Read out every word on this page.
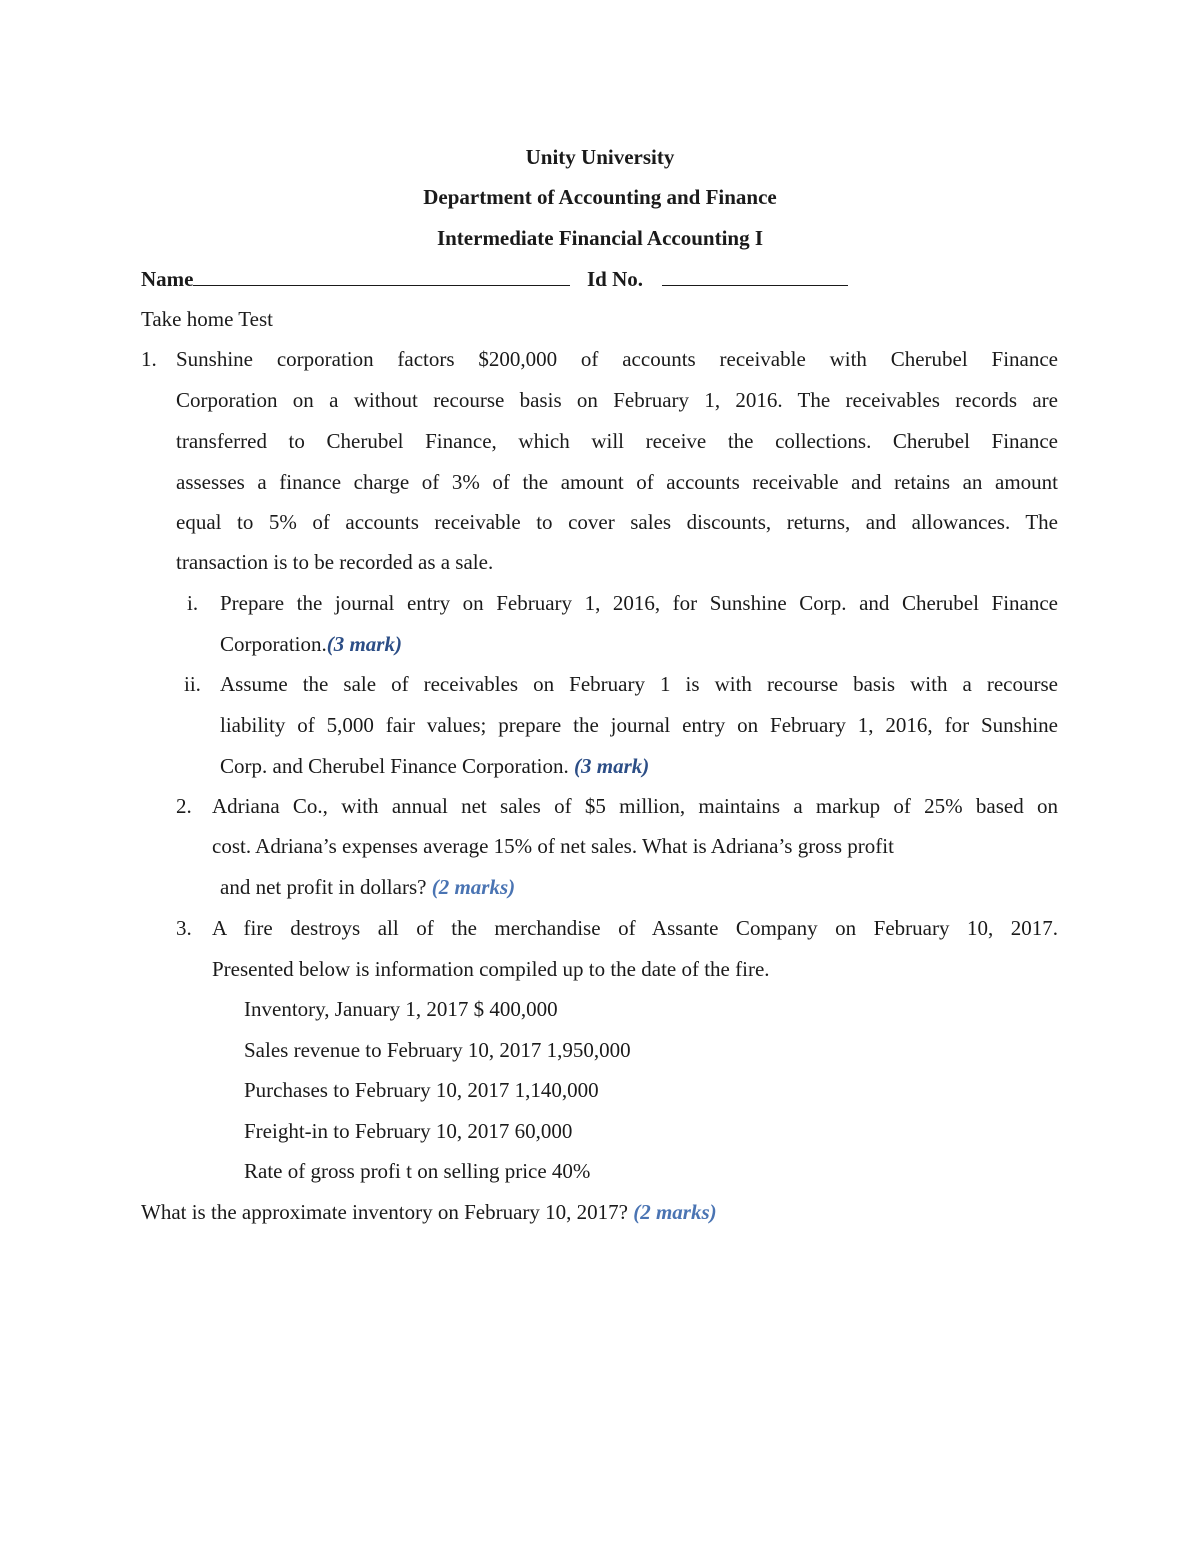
Unity University
Department of Accounting and Finance
Intermediate Financial Accounting I
Name	Id No.
Take home Test
1. Sunshine corporation factors $200,000 of accounts receivable with Cherubel Finance
Corporation on a without recourse basis on February 1, 2016. The receivables records are
transferred to Cherubel Finance, which will receive the collections. Cherubel Finance
assesses a finance charge of 3% of the amount of accounts receivable and retains an amount
equal to 5% of accounts receivable to cover sales discounts, returns, and allowances. The
transaction is to be recorded as a sale.
i. Prepare the journal entry on February 1, 2016, for Sunshine Corp. and Cherubel Finance
Corporation.(3 mark)
ii. Assume the sale of receivables on February 1 is with recourse basis with a recourse
liability of 5,000 fair values; prepare the journal entry on February 1, 2016, for Sunshine
Corp. and Cherubel Finance Corporation. (3 mark)
2. Adriana Co., with annual net sales of $5 million, maintains a markup of 25% based on
cost. Adriana’s expenses average 15% of net sales. What is Adriana’s gross profit
and net profit in dollars? (2 marks)
3. A fire destroys all of the merchandise of Assante Company on February 10, 2017.
Presented below is information compiled up to the date of the fire.
Inventory, January 1, 2017 $ 400,000
Sales revenue to February 10, 2017 1,950,000
Purchases to February 10, 2017 1,140,000
Freight-in to February 10, 2017 60,000
Rate of gross profi t on selling price 40%
What is the approximate inventory on February 10, 2017? (2 marks)
